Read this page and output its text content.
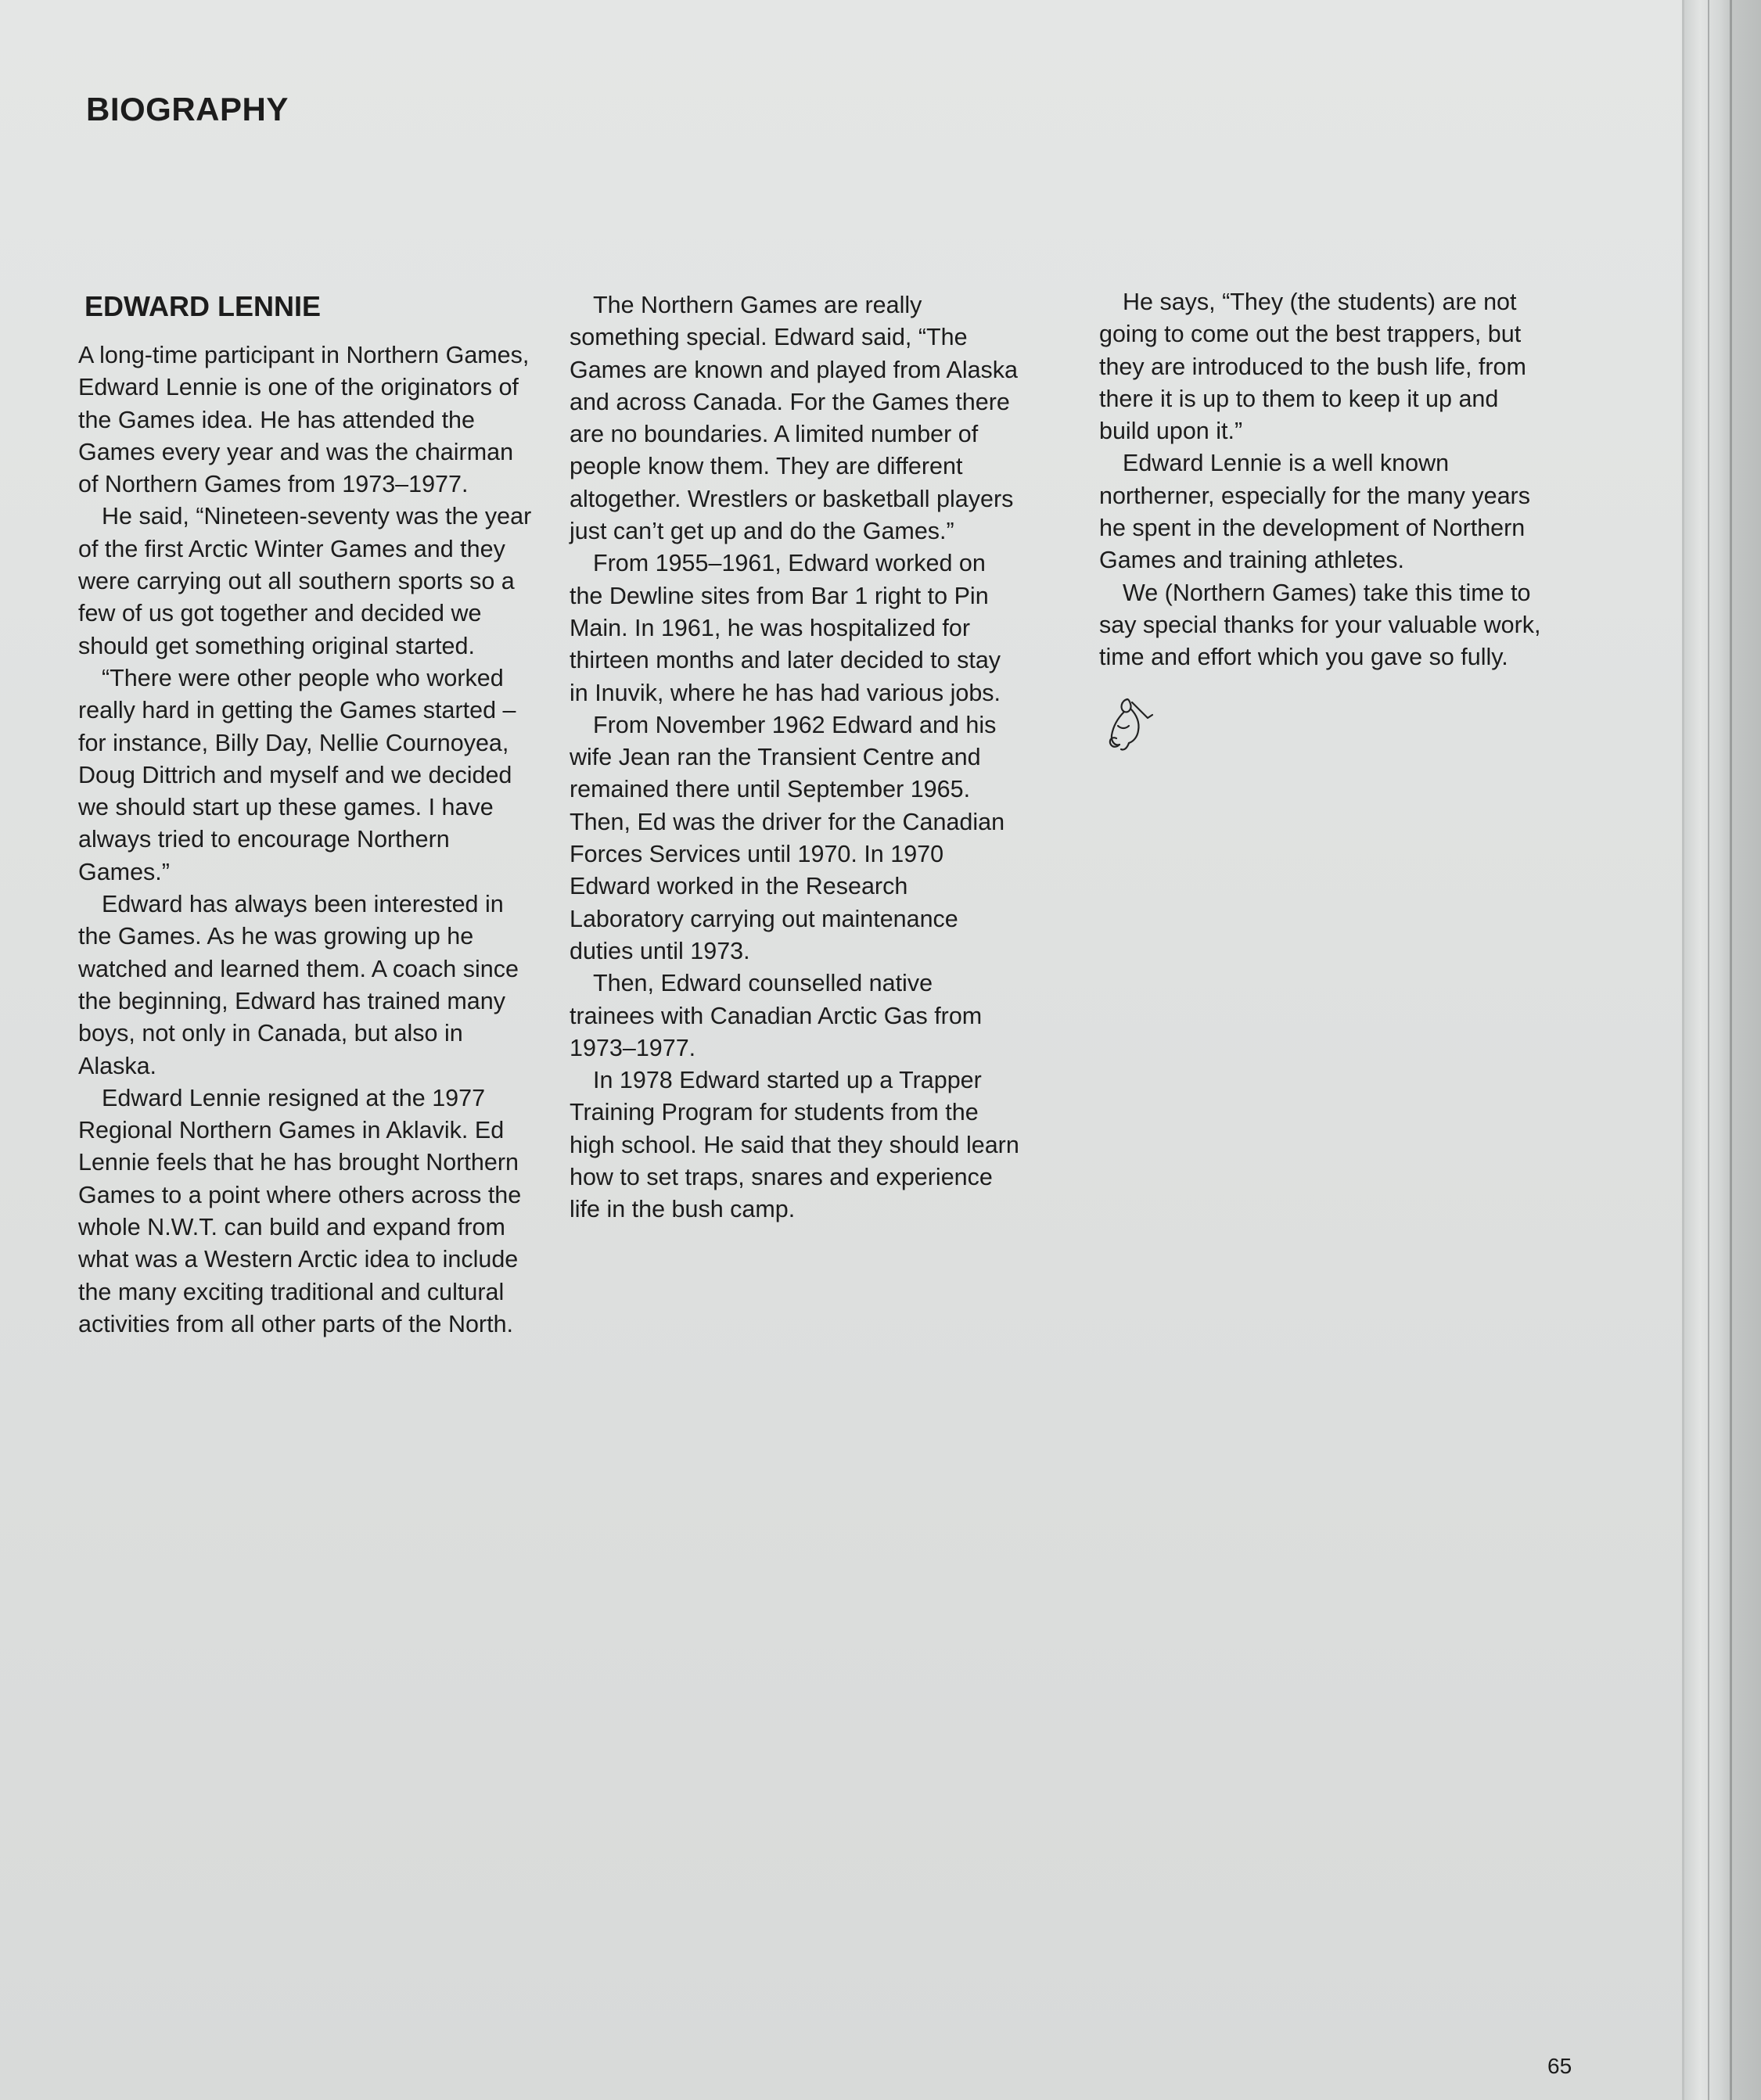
BIOGRAPHY
EDWARD LENNIE

A long-time participant in Northern Games, Edward Lennie is one of the originators of the Games idea. He has attended the Games every year and was the chairman of Northern Games from 1973–1977.

He said, “Nineteen-seventy was the year of the first Arctic Winter Games and they were carrying out all southern sports so a few of us got together and decided we should get something original started.

“There were other people who worked really hard in getting the Games started – for instance, Billy Day, Nellie Cournoyea, Doug Dittrich and myself and we decided we should start up these games. I have always tried to encourage Northern Games.”

Edward has always been interested in the Games. As he was growing up he watched and learned them. A coach since the beginning, Edward has trained many boys, not only in Canada, but also in Alaska.

Edward Lennie resigned at the 1977 Regional Northern Games in Aklavik. Ed Lennie feels that he has brought Northern Games to a point where others across the whole N.W.T. can build and expand from what was a Western Arctic idea to include the many exciting traditional and cultural activities from all other parts of the North.

The Northern Games are really something special. Edward said, “The Games are known and played from Alaska and across Canada. For the Games there are no boundaries. A limited number of people know them. They are different altogether. Wrestlers or basketball players just can’t get up and do the Games.”

From 1955–1961, Edward worked on the Dewline sites from Bar 1 right to Pin Main. In 1961, he was hospitalized for thirteen months and later decided to stay in Inuvik, where he has had various jobs.

From November 1962 Edward and his wife Jean ran the Transient Centre and remained there until September 1965. Then, Ed was the driver for the Canadian Forces Services until 1970. In 1970 Edward worked in the Research Laboratory carrying out maintenance duties until 1973.

Then, Edward counselled native trainees with Canadian Arctic Gas from 1973–1977.

In 1978 Edward started up a Trapper Training Program for students from the high school. He said that they should learn how to set traps, snares and experience life in the bush camp.

He says, “They (the students) are not going to come out the best trappers, but they are introduced to the bush life, from there it is up to them to keep it up and build upon it.”

Edward Lennie is a well known northerner, especially for the many years he spent in the development of Northern Games and training athletes.

We (Northern Games) take this time to say special thanks for your valuable work, time and effort which you gave so fully.

65
